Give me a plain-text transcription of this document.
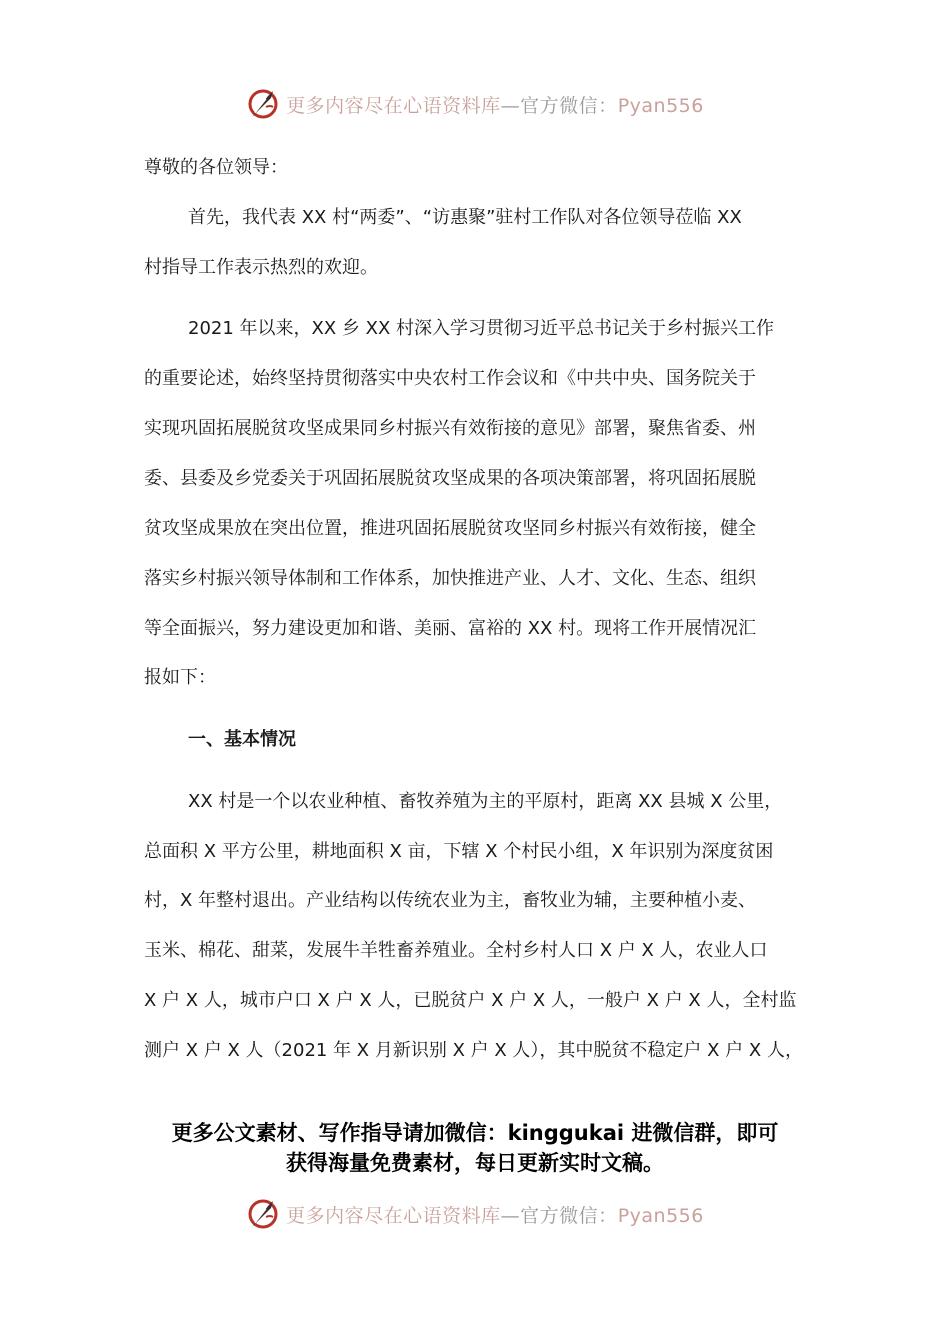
更多内容尽在心语资料库—官方微信：Pyan556
尊敬的各位领导：
首先，我代表 XX 村“两委”、“访惠聚”驻村工作队对各位领导莅临 XX
村指导工作表示热烈的欢迎。
2021 年以来，XX 乡 XX 村深入学习贯彻习近平总书记关于乡村振兴工作
的重要论述，始终坚持贯彻落实中央农村工作会议和《中共中央、国务院关于
实现巩固拓展脱贫攻坚成果同乡村振兴有效衔接的意见》部署，聚焦省委、州
委、县委及乡党委关于巩固拓展脱贫攻坚成果的各项决策部署，将巩固拓展脱
贫攻坚成果放在突出位置，推进巩固拓展脱贫攻坚同乡村振兴有效衔接，健全
落实乡村振兴领导体制和工作体系，加快推进产业、人才、文化、生态、组织
等全面振兴，努力建设更加和谐、美丽、富裕的 XX 村。现将工作开展情况汇
报如下：
一、基本情况
XX 村是一个以农业种植、畜牧养殖为主的平原村，距离 XX 县城 X 公里，
总面积 X 平方公里，耕地面积 X 亩，下辖 X 个村民小组，X 年识别为深度贫困
村，X 年整村退出。产业结构以传统农业为主，畜牧业为辅，主要种植小麦、
玉米、棉花、甜菜，发展牛羊牲畜养殖业。全村乡村人口 X 户 X 人，农业人口
X 户 X 人，城市户口 X 户 X 人，已脱贫户 X 户 X 人，一般户 X 户 X 人，全村监
测户 X 户 X 人（2021 年 X 月新识别 X 户 X 人），其中脱贫不稳定户 X 户 X 人，
更多公文素材、写作指导请加微信：kinggukai 进微信群，即可
获得海量免费素材，每日更新实时文稿。
更多内容尽在心语资料库—官方微信：Pyan556
